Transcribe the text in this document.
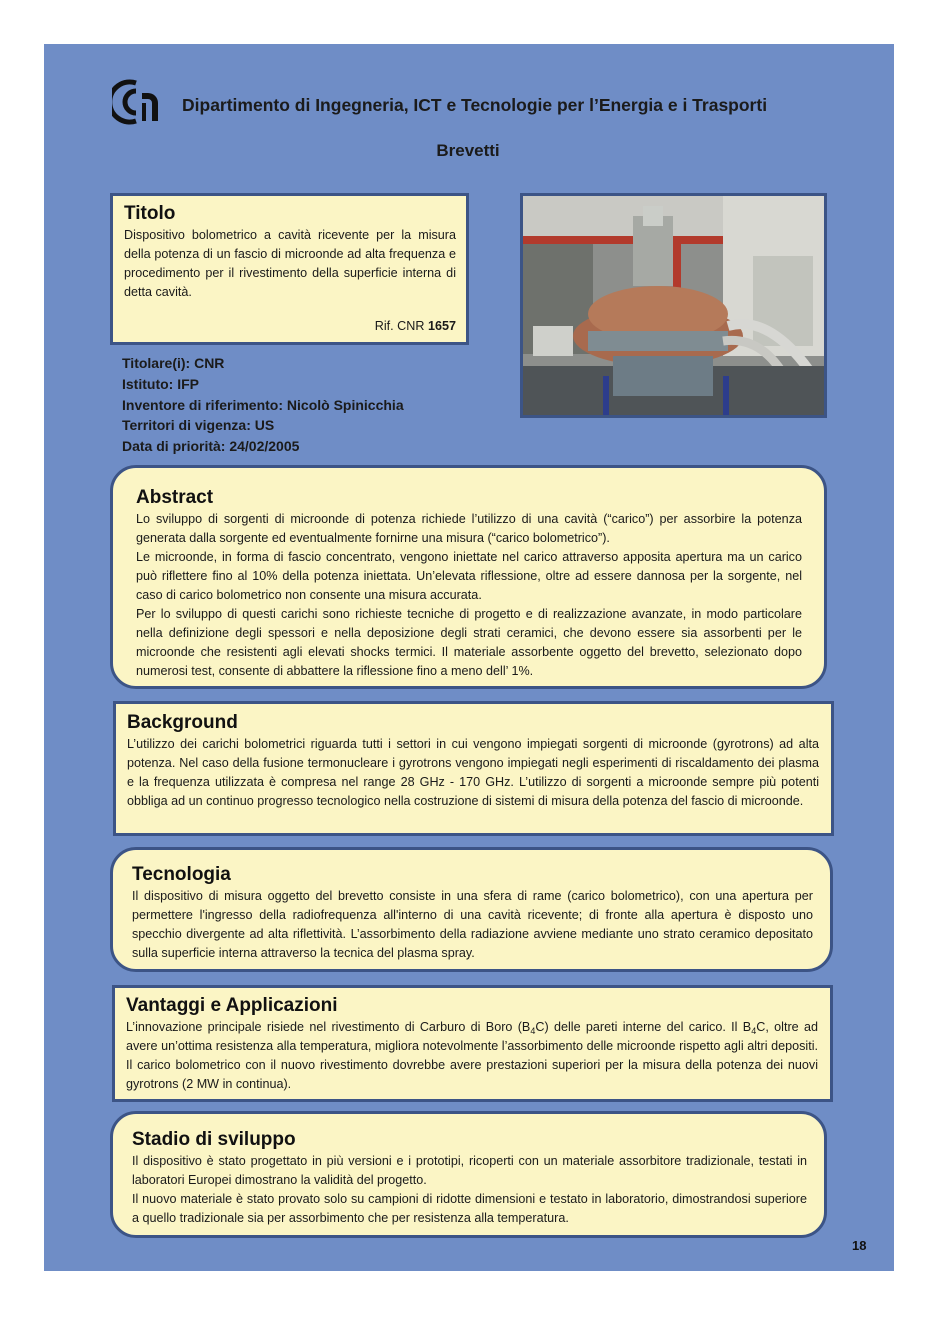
Dipartimento di Ingegneria, ICT e Tecnologie per l’Energia e i Trasporti
Brevetti
Titolo

Dispositivo bolometrico a cavità ricevente per la misura della potenza di un fascio di microonde ad alta frequenza e procedimento per il rivestimento della superficie interna di detta cavità.

Rif. CNR 1657
Titolare(i): CNR
Istituto: IFP
Inventore di riferimento: Nicolò Spinicchia
Territori di vigenza: US
Data di priorità: 24/02/2005
Abstract

Lo sviluppo di sorgenti di microonde di potenza richiede l’utilizzo di una cavità (“carico”) per assorbire la potenza generata dalla sorgente ed eventualmente fornirne una misura (“carico bolometrico”).

Le microonde, in forma di fascio concentrato, vengono iniettate nel carico attraverso apposita apertura ma un carico può riflettere fino al 10% della potenza iniettata. Un’elevata riflessione, oltre ad essere dannosa per la sorgente, nel caso di carico bolometrico non consente una misura accurata.

Per lo sviluppo di questi carichi sono richieste tecniche di progetto e di realizzazione avanzate, in modo particolare nella definizione degli spessori e nella deposizione degli strati ceramici, che devono essere sia assorbenti per le microonde che resistenti agli elevati shocks termici. Il materiale assorbente oggetto del brevetto, selezionato dopo numerosi test, consente di abbattere la riflessione fino a meno dell’ 1%.

Background

L’utilizzo dei carichi bolometrici riguarda tutti i settori in cui vengono impiegati sorgenti di microonde (gyrotrons) ad alta potenza. Nel caso della fusione termonucleare i gyrotrons vengono impiegati negli esperimenti di riscaldamento dei plasma e la frequenza utilizzata è compresa nel range 28 GHz - 170 GHz. L’utilizzo di sorgenti a microonde sempre più potenti obbliga ad un continuo progresso tecnologico nella costruzione di sistemi di misura della potenza del fascio di microonde.

Tecnologia

Il dispositivo di misura oggetto del brevetto consiste in una sfera di rame (carico bolometrico), con una apertura per permettere l'ingresso della radiofrequenza all'interno di una cavità ricevente; di fronte alla apertura è disposto uno specchio divergente ad alta riflettività. L’assorbimento della radiazione avviene mediante uno strato ceramico depositato sulla superficie interna attraverso la tecnica del plasma spray.

Vantaggi e Applicazioni

L’innovazione principale risiede nel rivestimento di Carburo di Boro $(B_4C)$ delle pareti interne del carico. Il $B_4C$, oltre ad avere un’ottima resistenza alla temperatura, migliora notevolmente l’assorbimento delle microonde rispetto agli altri depositi. Il carico bolometrico con il nuovo rivestimento dovrebbe avere prestazioni superiori per la misura della potenza dei nuovi gyrotrons (2 MW in continua).

Stadio di sviluppo

Il dispositivo è stato progettato in più versioni e i prototipi, ricoperti con un materiale assorbitore tradizionale, testati in laboratori Europei dimostrano la validità del progetto.

Il nuovo materiale è stato provato solo su campioni di ridotte dimensioni e testato in laboratorio, dimostrandosi superiore a quello tradizionale sia per assorbimento che per resistenza alla temperatura.

18
